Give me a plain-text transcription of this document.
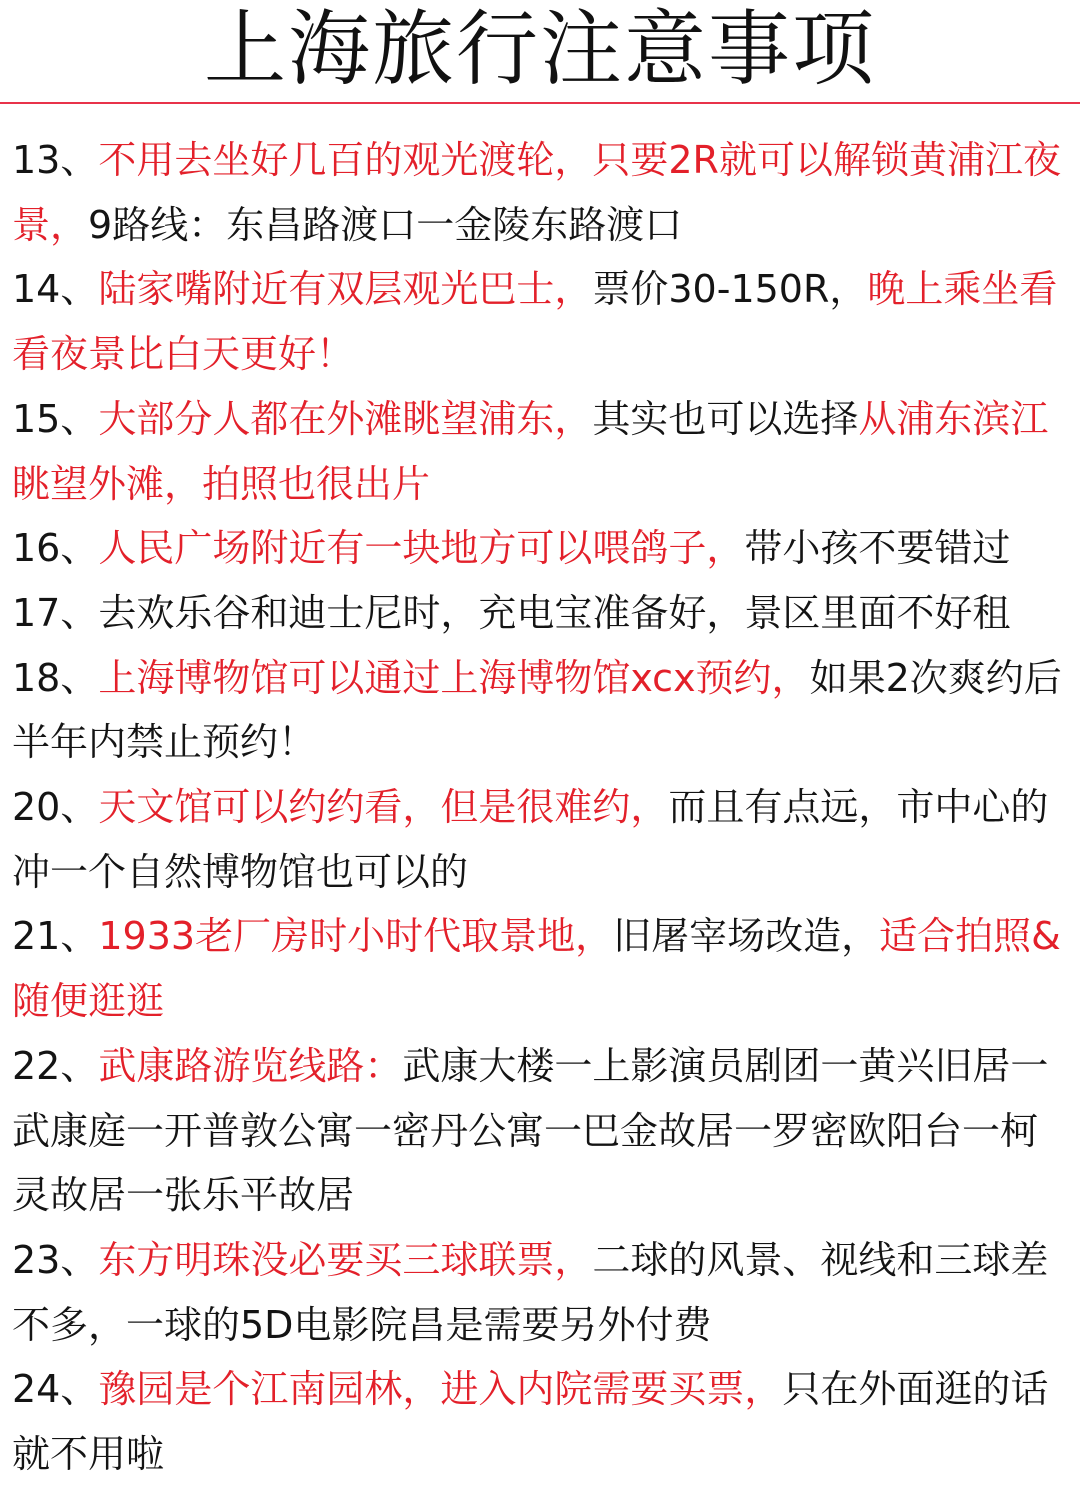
上海旅行注意事项

13、不用去坐好几百的观光渡轮，只要2R就可以解锁黄浦江夜景，9路线：东昌路渡口一金陵东路渡口

14、陆家嘴附近有双层观光巴士，票价30-150R，晚上乘坐看看夜景比白天更好！

15、大部分人都在外滩眺望浦东，其实也可以选择从浦东滨江眺望外滩，拍照也很出片

16、人民广场附近有一块地方可以喂鸽子，带小孩不要错过

17、去欢乐谷和迪士尼时，充电宝准备好，景区里面不好租

18、上海博物馆可以通过上海博物馆xcx预约，如果2次爽约后半年内禁止预约！

20、天文馆可以约约看，但是很难约，而且有点远，市中心的冲一个自然博物馆也可以的

21、1933老厂房时小时代取景地，旧屠宰场改造，适合拍照&随便逛逛

22、武康路游览线路：武康大楼一上影演员剧团一黄兴旧居一武康庭一开普敦公寓一密丹公寓一巴金故居一罗密欧阳台一柯灵故居一张乐平故居

23、东方明珠没必要买三球联票，二球的风景、视线和三球差不多，一球的5D电影院昌是需要另外付费

24、豫园是个江南园林，进入内院需要买票，只在外面逛的话就不用啦
